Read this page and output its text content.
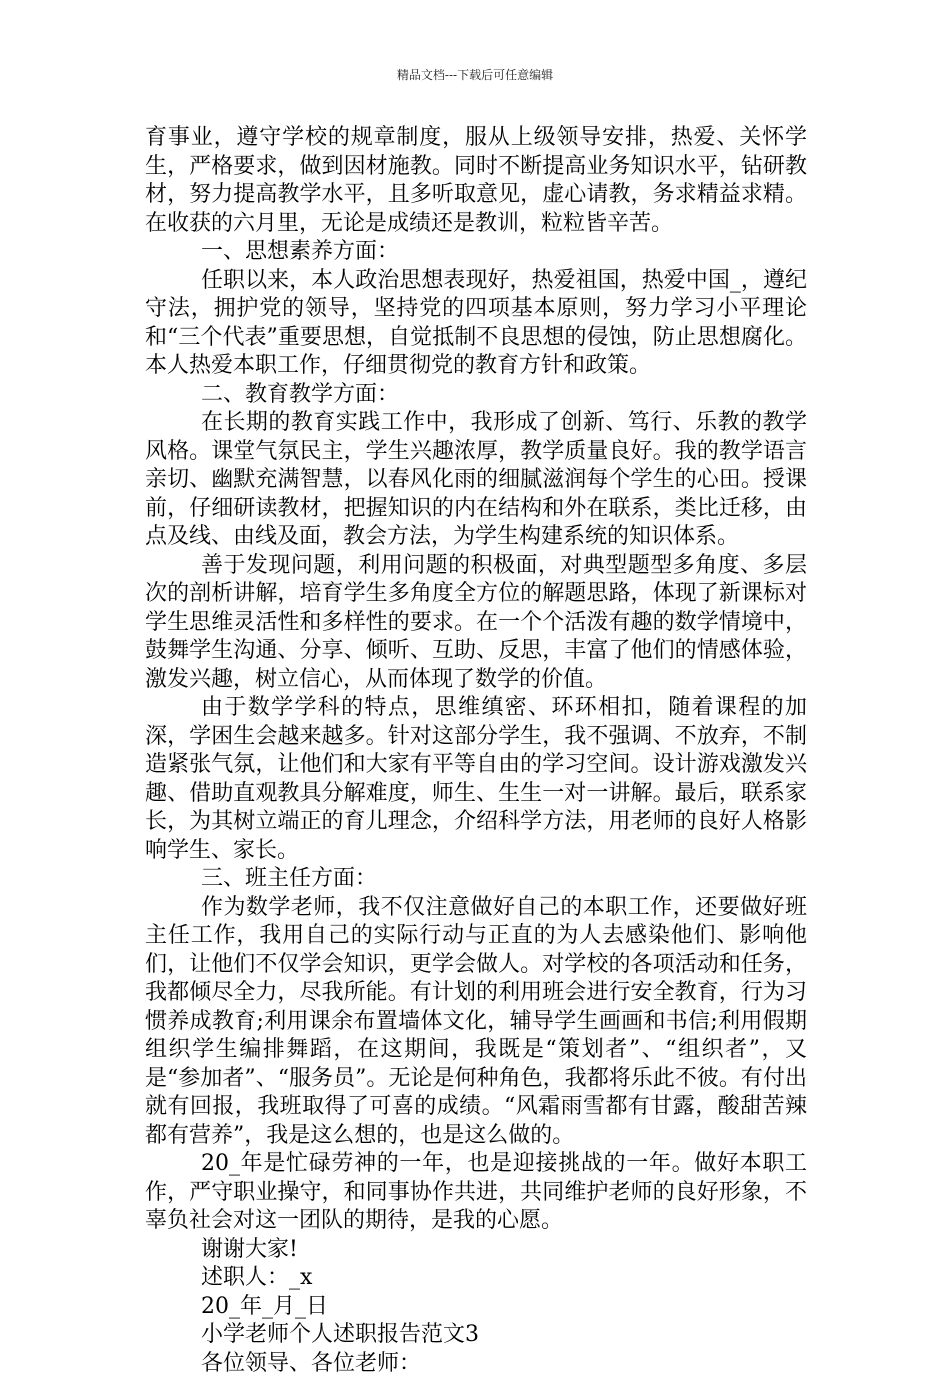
精品文档---下载后可任意编辑

育事业，遵守学校的规章制度，服从上级领导安排，热爱、关怀学生，严格要求，做到因材施教。同时不断提高业务知识水平，钻研教材，努力提高教学水平，且多听取意见，虚心请教，务求精益求精。在收获的六月里，无论是成绩还是教训，粒粒皆辛苦。

一、思想素养方面：

任职以来，本人政治思想表现好，热爱祖国，热爱中国_，遵纪守法，拥护党的领导，坚持党的四项基本原则，努力学习小平理论和“三个代表”重要思想，自觉抵制不良思想的侵蚀，防止思想腐化。本人热爱本职工作，仔细贯彻党的教育方针和政策。

二、教育教学方面：

在长期的教育实践工作中，我形成了创新、笃行、乐教的教学风格。课堂气氛民主，学生兴趣浓厚，教学质量良好。我的教学语言亲切、幽默充满智慧，以春风化雨的细腻滋润每个学生的心田。授课前，仔细研读教材，把握知识的内在结构和外在联系，类比迁移，由点及线、由线及面，教会方法，为学生构建系统的知识体系。

善于发现问题，利用问题的积极面，对典型题型多角度、多层次的剖析讲解，培育学生多角度全方位的解题思路，体现了新课标对学生思维灵活性和多样性的要求。在一个个活泼有趣的数学情境中，鼓舞学生沟通、分享、倾听、互助、反思，丰富了他们的情感体验，激发兴趣，树立信心，从而体现了数学的价值。

由于数学学科的特点，思维缜密、环环相扣，随着课程的加深，学困生会越来越多。针对这部分学生，我不强调、不放弃，不制造紧张气氛，让他们和大家有平等自由的学习空间。设计游戏激发兴趣、借助直观教具分解难度，师生、生生一对一讲解。最后，联系家长，为其树立端正的育儿理念，介绍科学方法，用老师的良好人格影响学生、家长。

三、班主任方面：

作为数学老师，我不仅注意做好自己的本职工作，还要做好班主任工作，我用自己的实际行动与正直的为人去感染他们、影响他们，让他们不仅学会知识，更学会做人。对学校的各项活动和任务，我都倾尽全力，尽我所能。有计划的利用班会进行安全教育，行为习惯养成教育;利用课余布置墙体文化，辅导学生画画和书信;利用假期组织学生编排舞蹈，在这期间，我既是“策划者”、“组织者”，又是“参加者”、“服务员”。无论是何种角色，我都将乐此不彼。有付出就有回报，我班取得了可喜的成绩。“风霜雨雪都有甘露，酸甜苦辣都有营养”，我是这么想的，也是这么做的。

20_年是忙碌劳神的一年，也是迎接挑战的一年。做好本职工作，严守职业操守，和同事协作共进，共同维护老师的良好形象，不辜负社会对这一团队的期待，是我的心愿。

谢谢大家!

述职人：_x

20_年_月_日

小学老师个人述职报告范文3

各位领导、各位老师：
